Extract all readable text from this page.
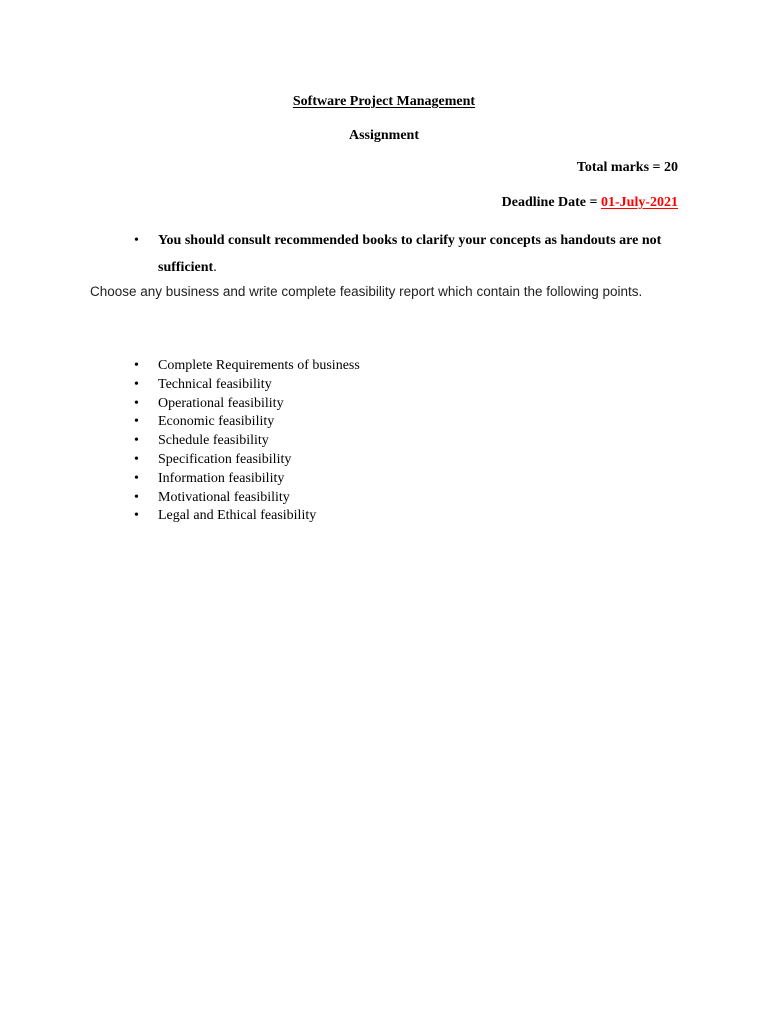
Software Project Management
Assignment
Total marks = 20
Deadline Date = 01-July-2021
• You should consult recommended books to clarify your concepts as handouts are not sufficient.
Choose any business and write complete feasibility report which contain the following points.
• Complete Requirements of business
• Technical feasibility
• Operational feasibility
• Economic feasibility
• Schedule feasibility
• Specification feasibility
• Information feasibility
• Motivational feasibility
• Legal and Ethical feasibility
